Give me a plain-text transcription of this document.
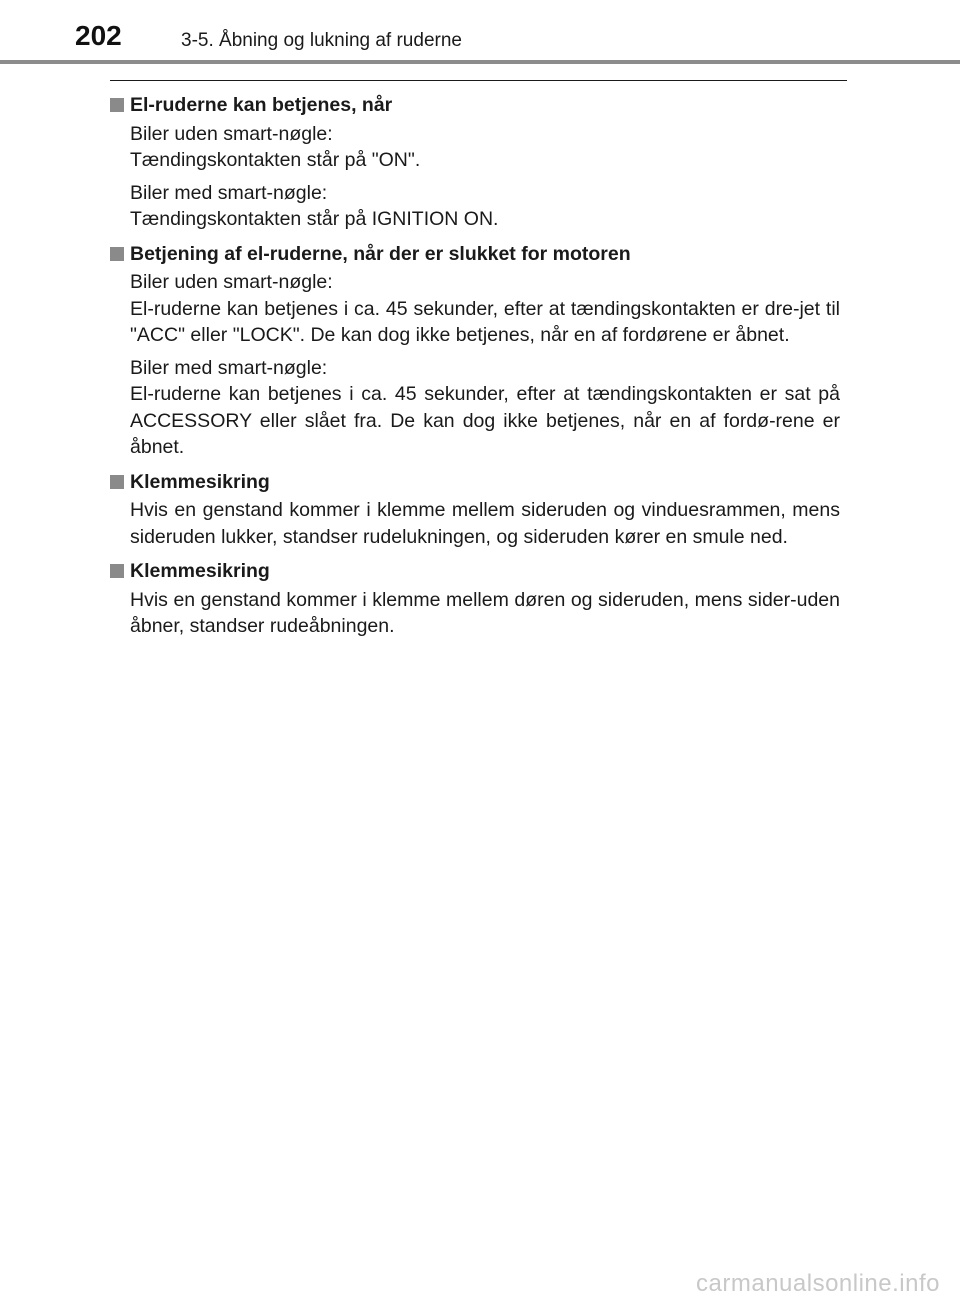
202	3-5. Åbning og lukning af ruderne
El-ruderne kan betjenes, når
Biler uden smart-nøgle:
Tændingskontakten står på "ON".
Biler med smart-nøgle:
Tændingskontakten står på IGNITION ON.
Betjening af el-ruderne, når der er slukket for motoren
Biler uden smart-nøgle:
El-ruderne kan betjenes i ca. 45 sekunder, efter at tændingskontakten er dre-jet til "ACC" eller "LOCK". De kan dog ikke betjenes, når en af fordørene er åbnet.
Biler med smart-nøgle:
El-ruderne kan betjenes i ca. 45 sekunder, efter at tændingskontakten er sat på ACCESSORY eller slået fra. De kan dog ikke betjenes, når en af fordø-rene er åbnet.
Klemmesikring
Hvis en genstand kommer i klemme mellem sideruden og vinduesrammen, mens sideruden lukker, standser rudelukningen, og sideruden kører en smule ned.
Klemmesikring
Hvis en genstand kommer i klemme mellem døren og sideruden, mens sider-uden åbner, standser rudeåbningen.
carmanualsonline.info
